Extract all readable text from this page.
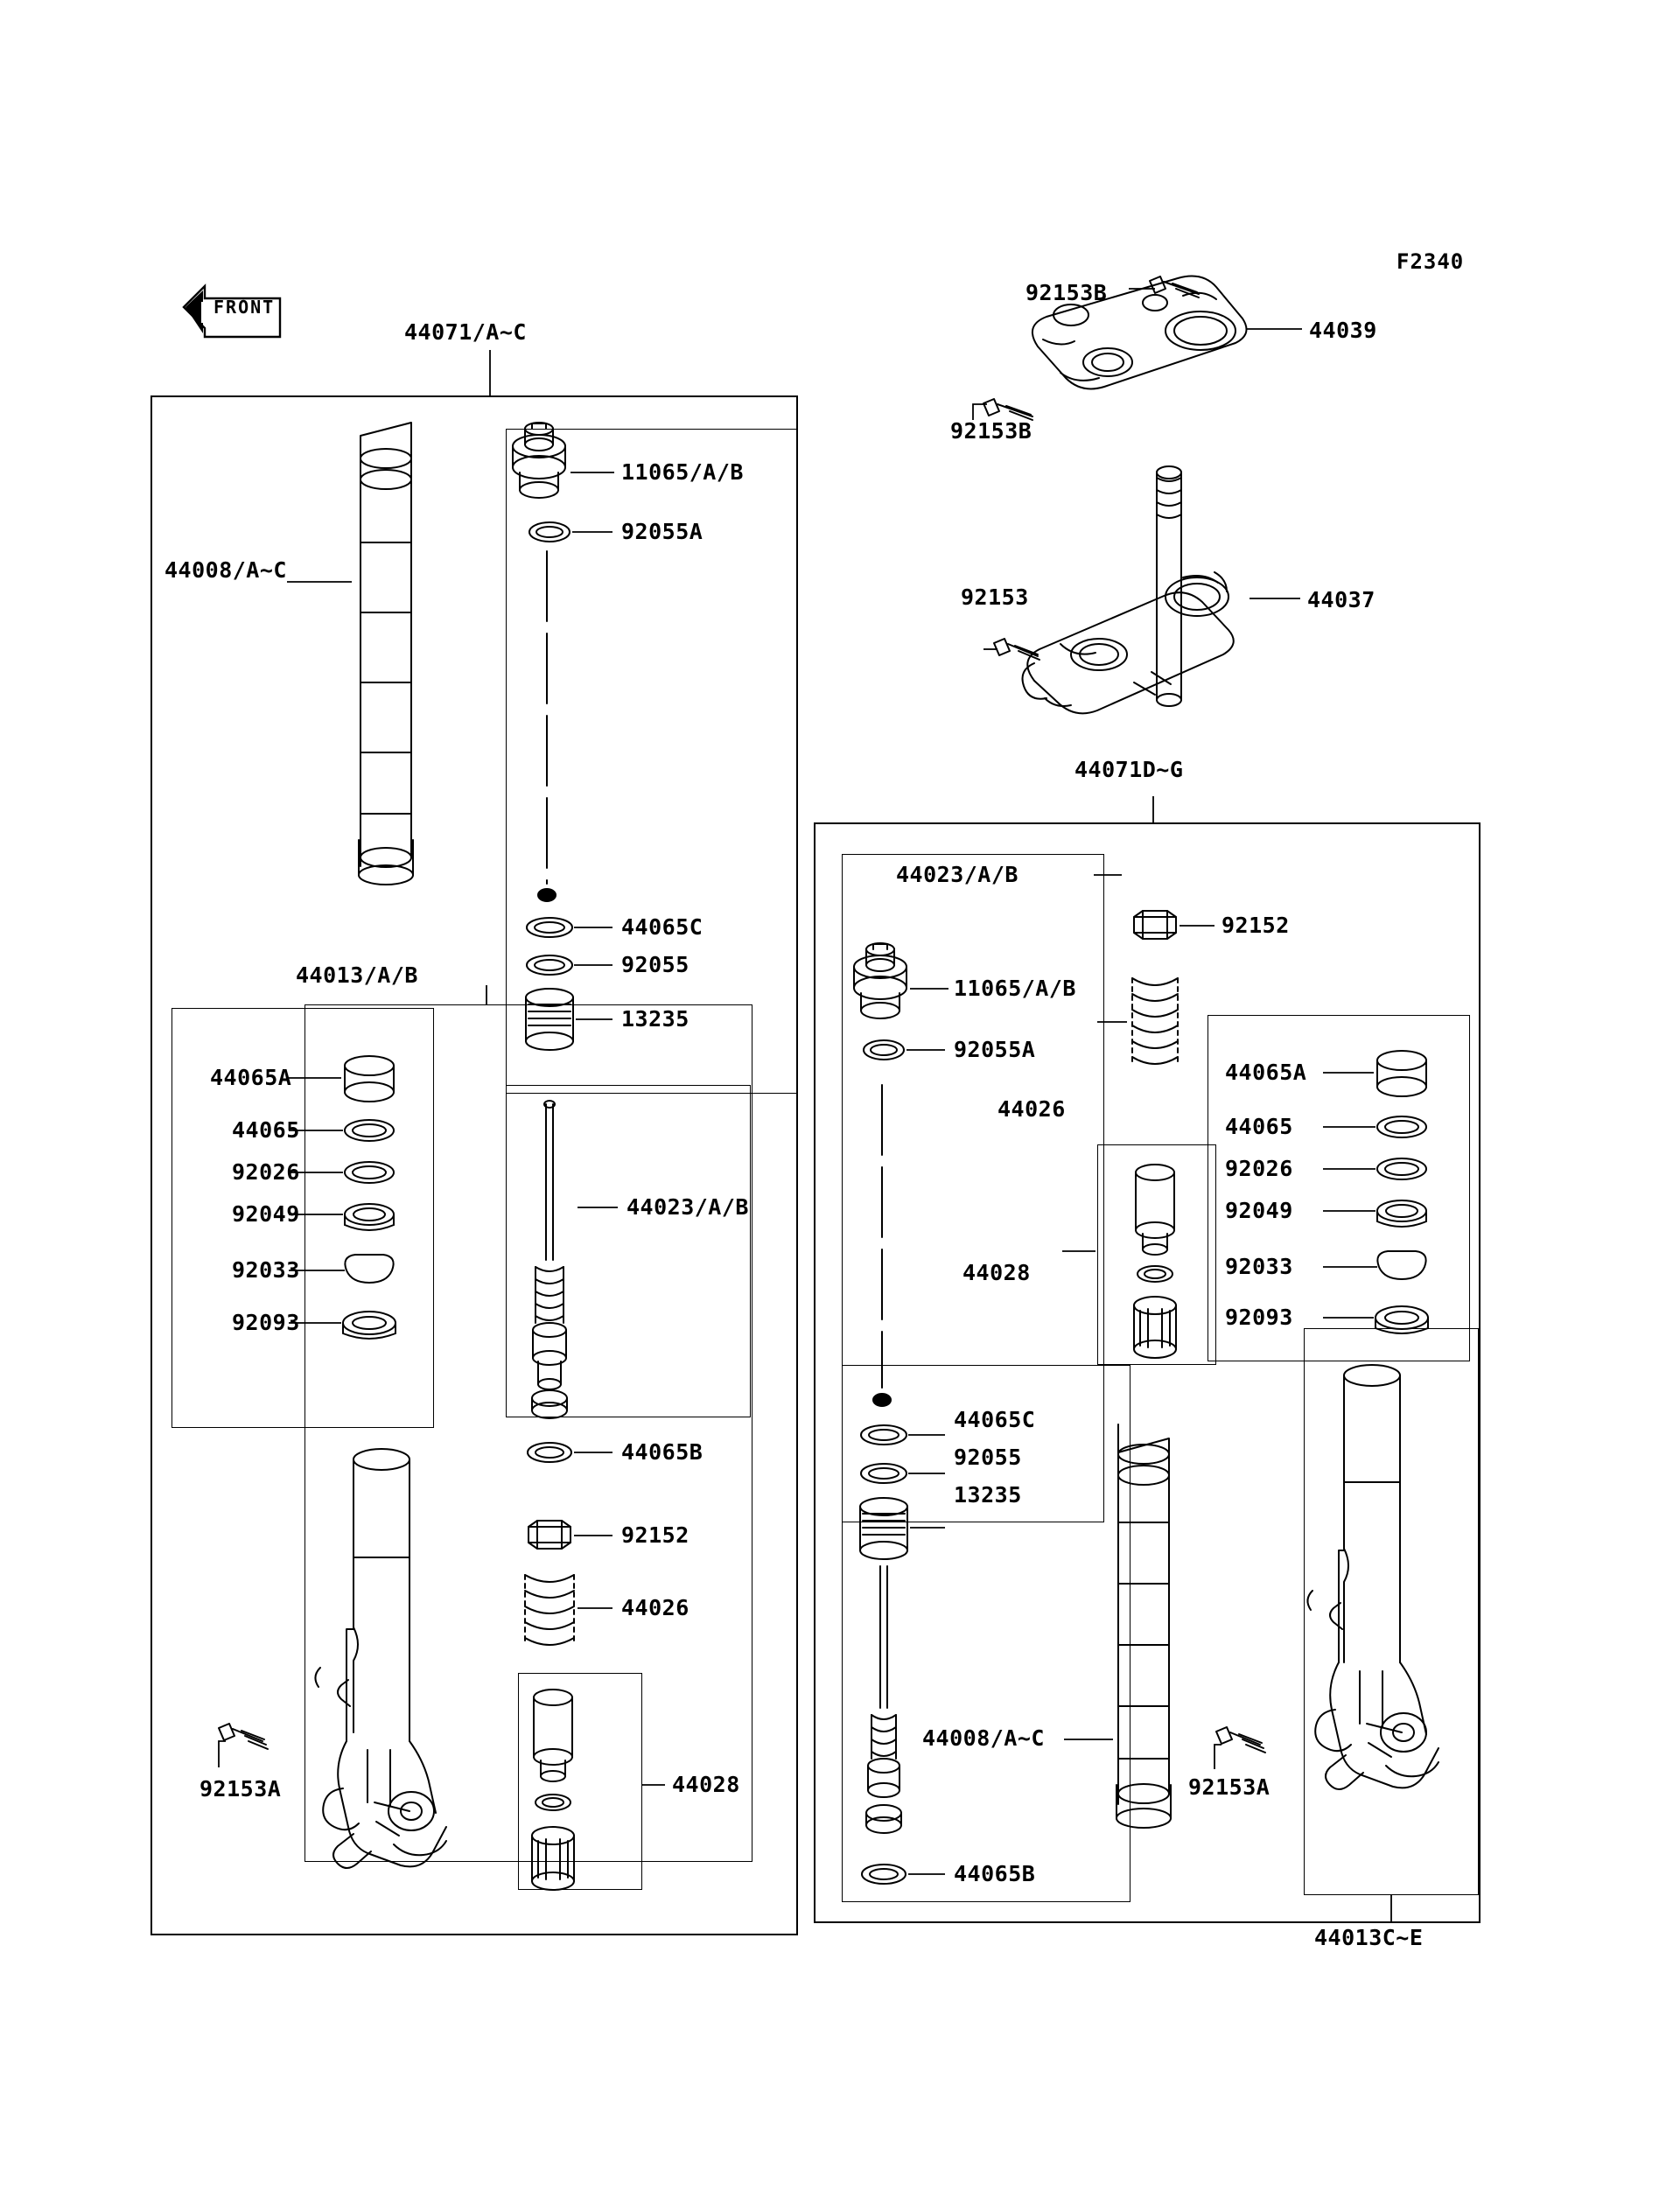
F2340
FRONT
44071/A~C
44008/A~C
11065/A/B
92055A
44065C
92055
13235
44023/A/B
44065B
92152
44026
44028
44013/A/B
44065A
44065
92026
92049
92033
92093
92153A
92153B
44039
92153B
92153	44037
44071D~G
44023/A/B
11065/A/B
92055A
92152
44026
44028
44065C
92055
13235
44008/A~C
44065B
44065A
44065
92026
92049
92033
92093
92153A
44013C~E
